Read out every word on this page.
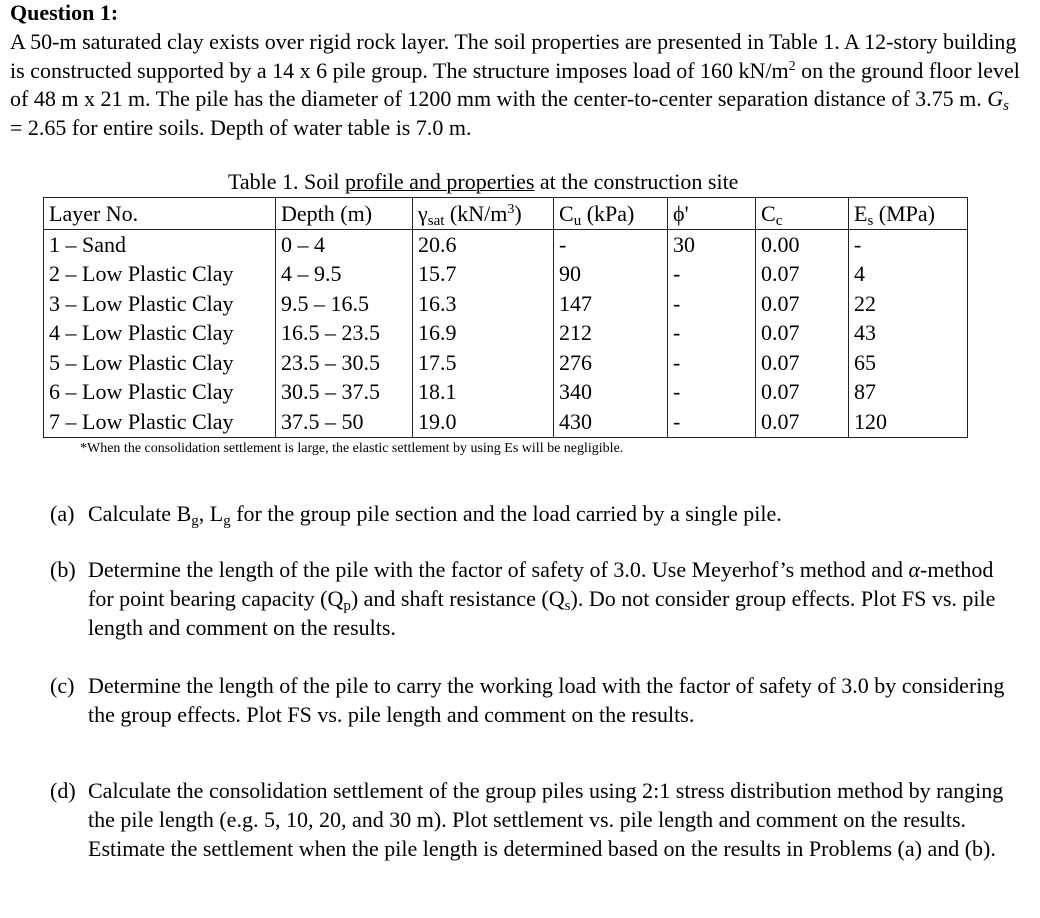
Question 1:
A 50-m saturated clay exists over rigid rock layer. The soil properties are presented in Table 1. A 12-story building is constructed supported by a 14 x 6 pile group. The structure imposes load of 160 $kN/m^2$ on the ground floor level of 48 m x 21 m. The pile has the diameter of 1200 mm with the center-to-center separation distance of 3.75 m. $G_s = 2.65$ for entire soils. Depth of water table is 7.0 m.
Table 1. Soil profile and properties at the construction site
Layer No.	Depth (m)	$\gamma_{sat}$ $(kN/m^3)$	$C_u$ (kPa)	ϕ'	$C_c$	$E_s$ (MPa)
1 – Sand	0 – 4	20.6	-	30	0.00	-
2 – Low Plastic Clay	4 – 9.5	15.7	90	-	0.07	4
3 – Low Plastic Clay	9.5 – 16.5	16.3	147	-	0.07	22
4 – Low Plastic Clay	16.5 – 23.5	16.9	212	-	0.07	43
5 – Low Plastic Clay	23.5 – 30.5	17.5	276	-	0.07	65
6 – Low Plastic Clay	30.5 – 37.5	18.1	340	-	0.07	87
7 – Low Plastic Clay	37.5 – 50	19.0	430	-	0.07	120
*When the consolidation settlement is large, the elastic settlement by using Es will be negligible.
(a) Calculate $B_g$, $L_g$ for the group pile section and the load carried by a single pile.
(b) Determine the length of the pile with the factor of safety of 3.0. Use Meyerhof’s method and α-method for point bearing capacity $(Q_p)$ and shaft resistance $(Q_s)$. Do not consider group effects. Plot FS vs. pile length and comment on the results.
(c) Determine the length of the pile to carry the working load with the factor of safety of 3.0 by considering the group effects. Plot FS vs. pile length and comment on the results.
(d) Calculate the consolidation settlement of the group piles using 2:1 stress distribution method by ranging the pile length (e.g. 5, 10, 20, and 30 m). Plot settlement vs. pile length and comment on the results. Estimate the settlement when the pile length is determined based on the results in Problems (a) and (b).
